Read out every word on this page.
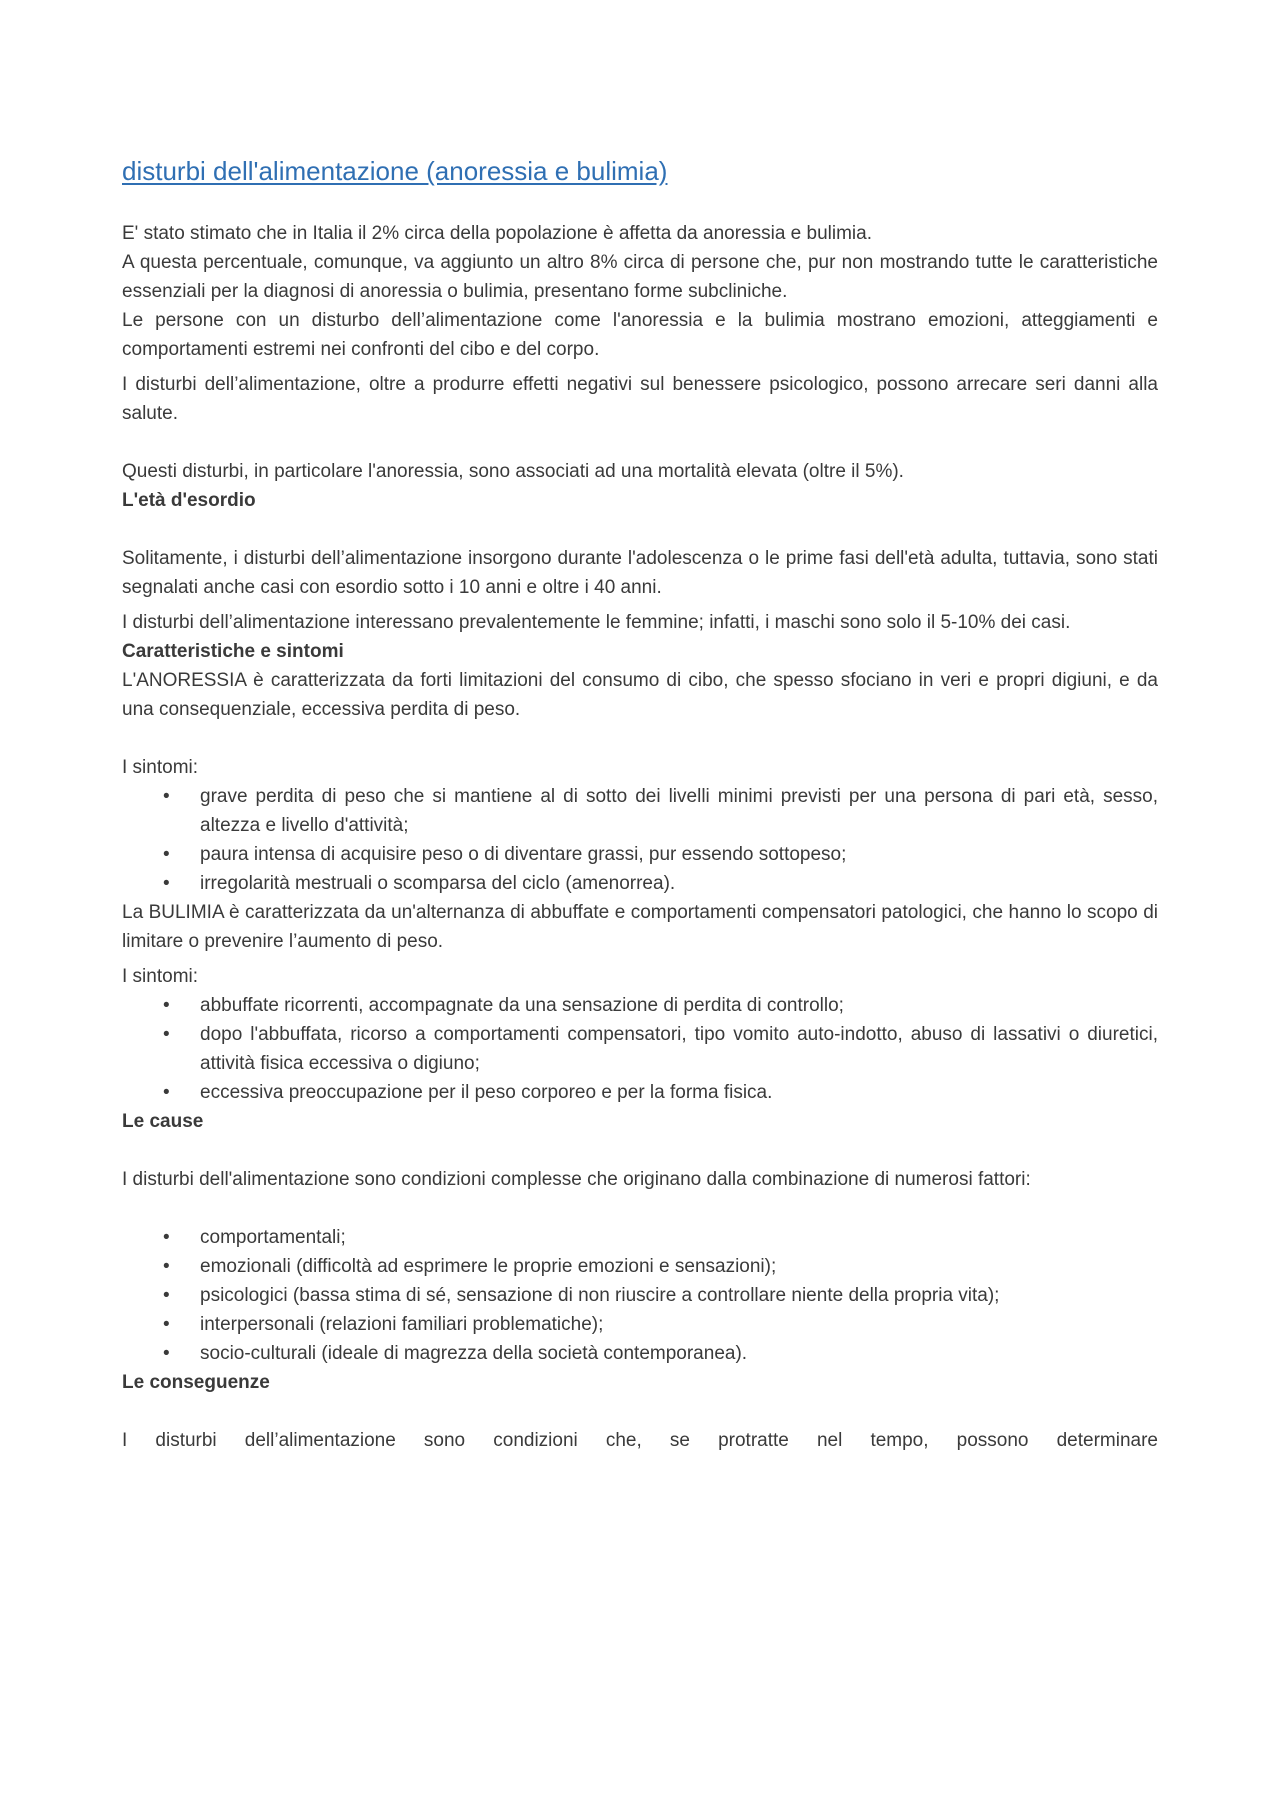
disturbi dell'alimentazione (anoressia e bulimia)

E' stato stimato che in Italia il 2% circa della popolazione è affetta da anoressia e bulimia.

A questa percentuale, comunque, va aggiunto un altro 8% circa di persone che, pur non mostrando tutte le caratteristiche essenziali per la diagnosi di anoressia o bulimia, presentano forme subcliniche.

Le persone con un disturbo dell’alimentazione come l'anoressia e la bulimia mostrano emozioni, atteggiamenti e comportamenti estremi nei confronti del cibo e del corpo.

I disturbi dell’alimentazione, oltre a produrre effetti negativi sul benessere psicologico, possono arrecare seri danni alla salute.

Questi disturbi, in particolare l'anoressia, sono associati ad una mortalità elevata (oltre il 5%).

L'età d'esordio

Solitamente, i disturbi dell’alimentazione insorgono durante l'adolescenza o le prime fasi dell'età adulta, tuttavia, sono stati segnalati anche casi con esordio sotto i 10 anni e oltre i 40 anni.

I disturbi dell’alimentazione interessano prevalentemente le femmine; infatti, i maschi sono solo il 5-10% dei casi.

Caratteristiche e sintomi

L'ANORESSIA è caratterizzata da forti limitazioni del consumo di cibo, che spesso sfociano in veri e propri digiuni, e da una consequenziale, eccessiva perdita di peso.

I sintomi:

• grave perdita di peso che si mantiene al di sotto dei livelli minimi previsti per una persona di pari età, sesso, altezza e livello d'attività;
• paura intensa di acquisire peso o di diventare grassi, pur essendo sottopeso;
• irregolarità mestruali o scomparsa del ciclo (amenorrea).

La BULIMIA è caratterizzata da un'alternanza di abbuffate e comportamenti compensatori patologici, che hanno lo scopo di limitare o prevenire l’aumento di peso.

I sintomi:

• abbuffate ricorrenti, accompagnate da una sensazione di perdita di controllo;
• dopo l'abbuffata, ricorso a comportamenti compensatori, tipo vomito auto-indotto, abuso di lassativi o diuretici, attività fisica eccessiva o digiuno;
• eccessiva preoccupazione per il peso corporeo e per la forma fisica.

Le cause

I disturbi dell'alimentazione sono condizioni complesse che originano dalla combinazione di numerosi fattori:

• comportamentali;
• emozionali (difficoltà ad esprimere le proprie emozioni e sensazioni);
• psicologici (bassa stima di sé, sensazione di non riuscire a controllare niente della propria vita);
• interpersonali (relazioni familiari problematiche);
• socio-culturali (ideale di magrezza della società contemporanea).

Le conseguenze

I disturbi dell’alimentazione sono condizioni che, se protratte nel tempo, possono determinare
